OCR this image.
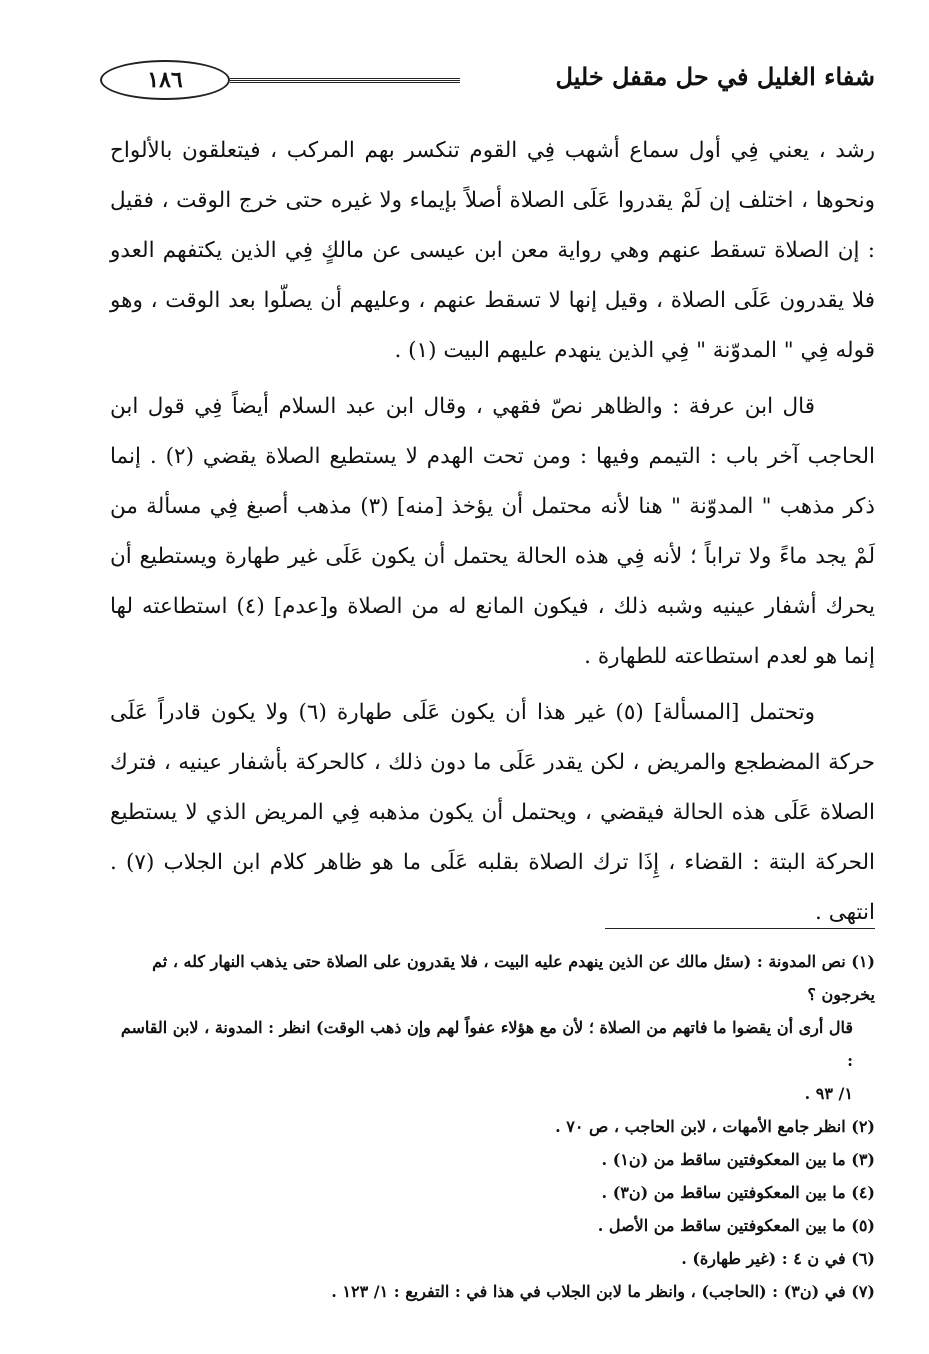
١٨٦	شفاء الغليل في حل مقفل خليل

رشد ، يعني فِي أول سماع أشهب فِي القوم تنكسر بهم المركب ، فيتعلقون بالألواح ونحوها ، اختلف إن لَمْ يقدروا عَلَى الصلاة أصلاً بإيماء ولا غيره حتى خرج الوقت ، فقيل : إن الصلاة تسقط عنهم وهي رواية معن ابن عيسى عن مالكٍ فِي الذين يكتفهم العدو فلا يقدرون عَلَى الصلاة ، وقيل إنها لا تسقط عنهم ، وعليهم أن يصلّوا بعد الوقت ، وهو قوله فِي " المدوّنة " فِي الذين ينهدم عليهم البيت (١) .

قال ابن عرفة : والظاهر نصّ فقهي ، وقال ابن عبد السلام أيضاً فِي قول ابن الحاجب آخر باب : التيمم وفيها : ومن تحت الهدم لا يستطيع الصلاة يقضي (٢) . إنما ذكر مذهب " المدوّنة " هنا لأنه محتمل أن يؤخذ [منه] (٣) مذهب أصبغ فِي مسألة من لَمْ يجد ماءً ولا تراباً ؛ لأنه فِي هذه الحالة يحتمل أن يكون عَلَى غير طهارة ويستطيع أن يحرك أشفار عينيه وشبه ذلك ، فيكون المانع له من الصلاة و[عدم] (٤) استطاعته لها إنما هو لعدم استطاعته للطهارة .

وتحتمل [المسألة] (٥) غير هذا أن يكون عَلَى طهارة (٦) ولا يكون قادراً عَلَى حركة المضطجع والمريض ، لكن يقدر عَلَى ما دون ذلك ، كالحركة بأشفار عينيه ، فترك الصلاة عَلَى هذه الحالة فيقضي ، ويحتمل أن يكون مذهبه فِي المريض الذي لا يستطيع الحركة البتة : القضاء ، إِذَا ترك الصلاة بقلبه عَلَى ما هو ظاهر كلام ابن الجلاب (٧) . انتهى .

(١) نص المدونة : (سئل مالك عن الذين ينهدم عليه البيت ، فلا يقدرون على الصلاة حتى يذهب النهار كله ، ثم يخرجون ؟

قال أرى أن يقضوا ما فاتهم من الصلاة ؛ لأن مع هؤلاء عفواً لهم وإن ذهب الوقت) انظر : المدونة ، لابن القاسم :

١/ ٩٣ .

(٢) انظر جامع الأمهات ، لابن الحاجب ، ص ٧٠ .

(٣) ما بين المعكوفتين ساقط من (ن١) .

(٤) ما بين المعكوفتين ساقط من (ن٣) .

(٥) ما بين المعكوفتين ساقط من الأصل .

(٦) في ن ٤ : (غير طهارة) .

(٧) في (ن٣) : (الحاجب) ، وانظر ما لابن الجلاب في هذا في : التفريع : ١/ ١٢٣ .
